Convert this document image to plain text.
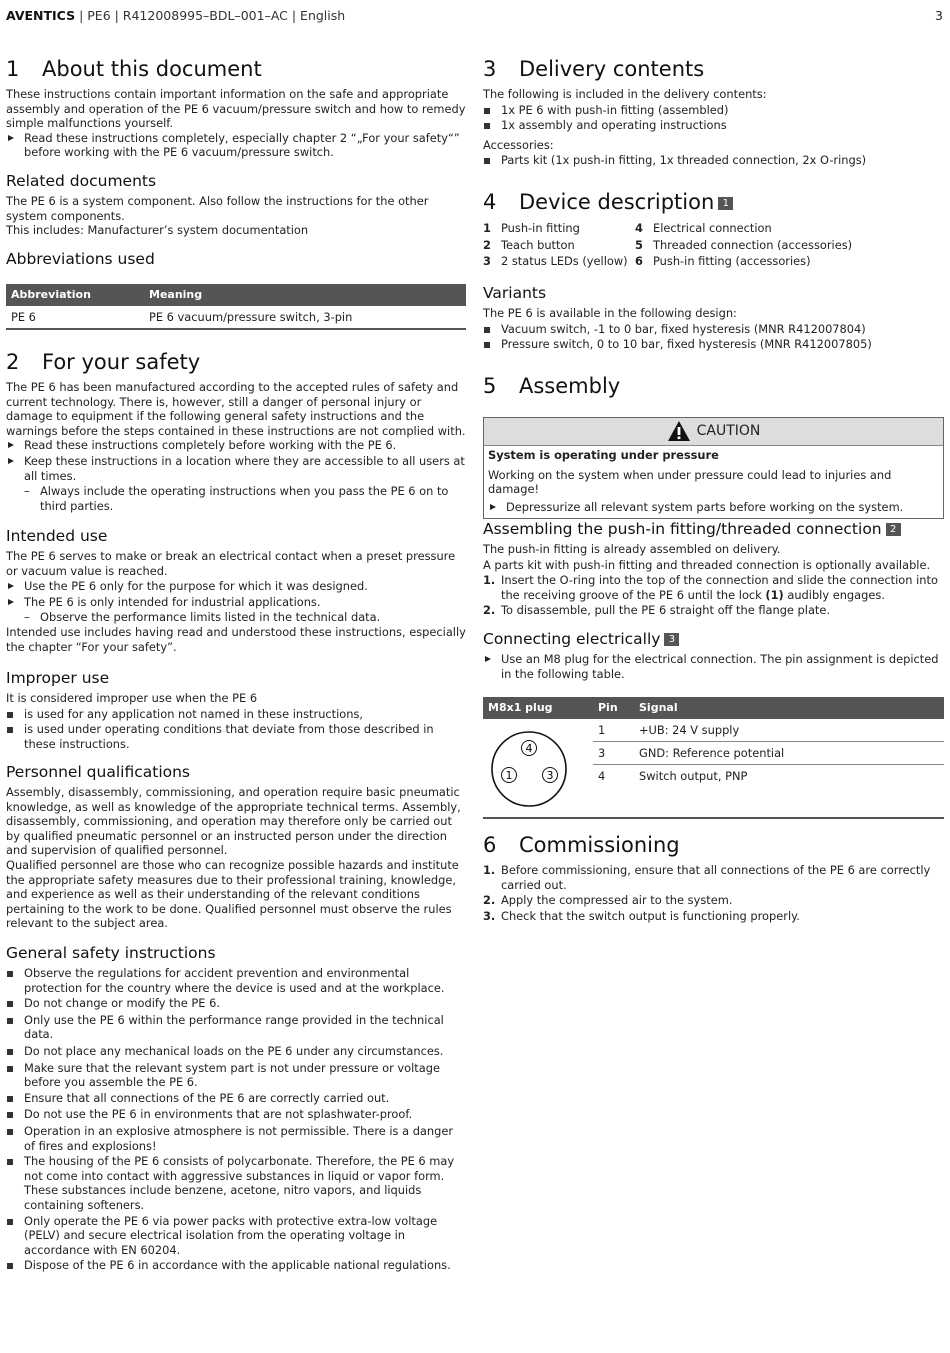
AVENTICS | PE6 | R412008995–BDL–001–AC | English	3
1 About this document

These instructions contain important information on the safe and appropriate assembly and operation of the PE 6 vacuum/pressure switch and how to remedy simple malfunctions yourself.

Read these instructions completely, especially chapter 2 “„For your safety“” before working with the PE 6 vacuum/pressure switch.
Related documents

The PE 6 is a system component. Also follow the instructions for the other system components.

This includes: Manufacturer’s system documentation

Abbreviations used
Abbreviation	Meaning
PE 6	PE 6 vacuum/pressure switch, 3-pin
2 For your safety

The PE 6 has been manufactured according to the accepted rules of safety and current technology. There is, however, still a danger of personal injury or damage to equipment if the following general safety instructions and the warnings before the steps contained in these instructions are not complied with.

Read these instructions completely before working with the PE 6.
Keep these instructions in a location where they are accessible to all users at all times.
– Always include the operating instructions when you pass the PE 6 on to third parties.
Intended use

The PE 6 serves to make or break an electrical contact when a preset pressure or vacuum value is reached.

Use the PE 6 only for the purpose for which it was designed.
The PE 6 is only intended for industrial applications.
– Observe the performance limits listed in the technical data.

Intended use includes having read and understood these instructions, especially the chapter “For your safety”.

Improper use

It is considered improper use when the PE 6

is used for any application not named in these instructions,
is used under operating conditions that deviate from those described in these instructions.
Personnel qualifications

Assembly, disassembly, commissioning, and operation require basic pneumatic knowledge, as well as knowledge of the appropriate technical terms. Assembly, disassembly, commissioning, and operation may therefore only be carried out by qualified pneumatic personnel or an instructed person under the direction and supervision of qualified personnel.

Qualified personnel are those who can recognize possible hazards and institute the appropriate safety measures due to their professional training, knowledge, and experience as well as their understanding of the relevant conditions pertaining to the work to be done. Qualified personnel must observe the rules relevant to the subject area.

General safety instructions
Observe the regulations for accident prevention and environmental protection for the country where the device is used and at the workplace.
Do not change or modify the PE 6.
Only use the PE 6 within the performance range provided in the technical data.
Do not place any mechanical loads on the PE 6 under any circumstances.
Make sure that the relevant system part is not under pressure or voltage before you assemble the PE 6.
Ensure that all connections of the PE 6 are correctly carried out.
Do not use the PE 6 in environments that are not splashwater-proof.
Operation in an explosive atmosphere is not permissible. There is a danger of fires and explosions!
The housing of the PE 6 consists of polycarbonate. Therefore, the PE 6 may not come into contact with aggressive substances in liquid or vapor form. These substances include benzene, acetone, nitro vapors, and liquids containing softeners.
Only operate the PE 6 via power packs with protective extra-low voltage (PELV) and secure electrical isolation from the operating voltage in accordance with EN 60204.
Dispose of the PE 6 in accordance with the applicable national regulations.
3 Delivery contents

The following is included in the delivery contents:

1x PE 6 with push-in fitting (assembled)
1x assembly and operating instructions

Accessories:

Parts kit (1x push-in fitting, 1x threaded connection, 2x O-rings)
4 Device description 1
1 Push-in fitting
2 Teach button
3 2 status LEDs (yellow)
4 Electrical connection
5 Threaded connection (accessories)
6 Push-in fitting (accessories)
Variants

The PE 6 is available in the following design:

Vacuum switch, -1 to 0 bar, fixed hysteresis (MNR R412007804)
Pressure switch, 0 to 10 bar, fixed hysteresis (MNR R412007805)
5 Assembly
CAUTION

System is operating under pressure

Working on the system when under pressure could lead to injuries and damage!

Depressurize all relevant system parts before working on the system.
Assembling the push-in fitting/threaded connection 2

The push-in fitting is already assembled on delivery.

A parts kit with push-in fitting and threaded connection is optionally available.

1. Insert the O-ring into the top of the connection and slide the connection into the receiving groove of the PE 6 until the lock (1) audibly engages.
2. To disassemble, pull the PE 6 straight off the flange plate.
Connecting electrically 3
Use an M8 plug for the electrical connection. The pin assignment is depicted in the following table.
M8x1 plug	Pin	Signal

4
1 3	1	+UB: 24 V supply
	3	GND: Reference potential
	4	Switch output, PNP
6 Commissioning
1. Before commissioning, ensure that all connections of the PE 6 are correctly carried out.
2. Apply the compressed air to the system.
3. Check that the switch output is functioning properly.
